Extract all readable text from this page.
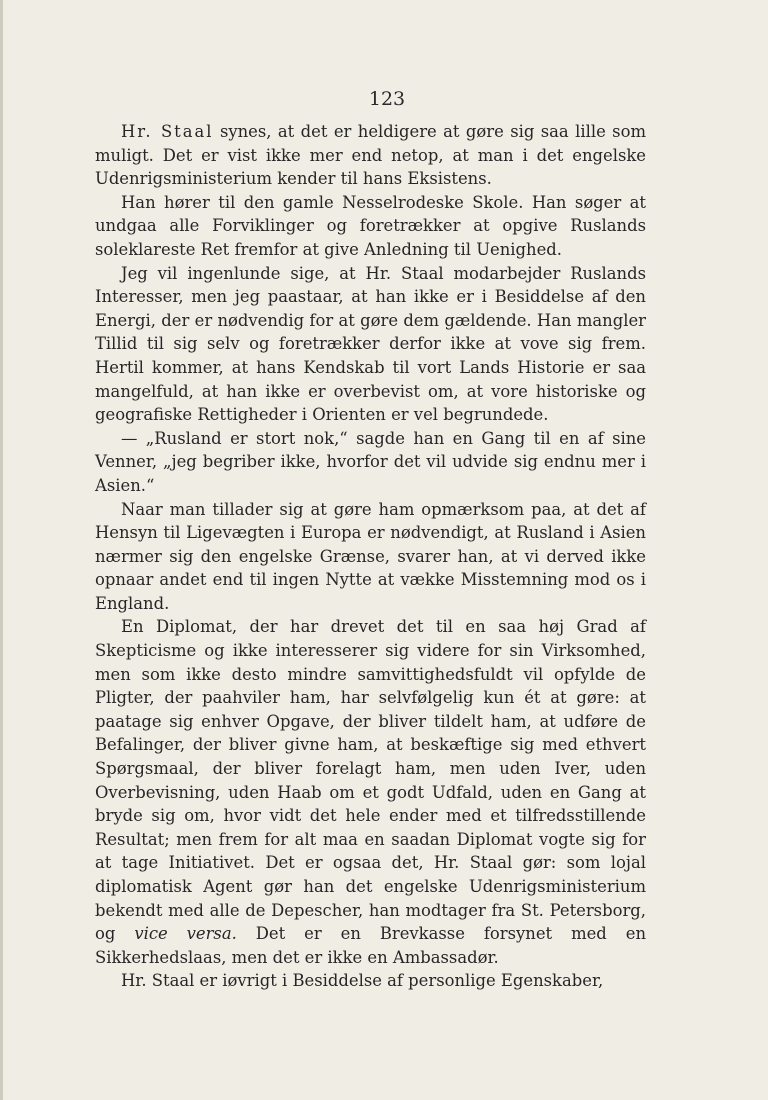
123

Hr. Staal synes, at det er heldigere at gøre sig saa lille som muligt. Det er vist ikke mer end netop, at man i det engelske Udenrigsministerium kender til hans Eksistens.

Han hører til den gamle Nesselrodeske Skole. Han søger at undgaa alle Forviklinger og foretrækker at opgive Ruslands soleklareste Ret fremfor at give Anledning til Uenighed.

Jeg vil ingenlunde sige, at Hr. Staal modarbejder Ruslands Interesser, men jeg paastaar, at han ikke er i Besiddelse af den Energi, der er nødvendig for at gøre dem gældende. Han mangler Tillid til sig selv og foretrækker derfor ikke at vove sig frem. Hertil kommer, at hans Kendskab til vort Lands Historie er saa mangelfuld, at han ikke er overbevist om, at vore historiske og geografiske Rettigheder i Orienten er vel begrundede.

— „Rusland er stort nok,“ sagde han en Gang til en af sine Venner, „jeg begriber ikke, hvorfor det vil udvide sig endnu mer i Asien.“

Naar man tillader sig at gøre ham opmærksom paa, at det af Hensyn til Ligevægten i Europa er nødvendigt, at Rusland i Asien nærmer sig den engelske Grænse, svarer han, at vi derved ikke opnaar andet end til ingen Nytte at vække Misstemning mod os i England.

En Diplomat, der har drevet det til en saa høj Grad af Skepticisme og ikke interesserer sig videre for sin Virksomhed, men som ikke desto mindre samvittighedsfuldt vil opfylde de Pligter, der paahviler ham, har selvfølgelig kun ét at gøre: at paatage sig enhver Opgave, der bliver tildelt ham, at udføre de Befalinger, der bliver givne ham, at beskæftige sig med ethvert Spørgsmaal, der bliver forelagt ham, men uden Iver, uden Overbevisning, uden Haab om et godt Udfald, uden en Gang at bryde sig om, hvor vidt det hele ender med et tilfredsstillende Resultat; men frem for alt maa en saadan Diplomat vogte sig for at tage Initiativet. Det er ogsaa det, Hr. Staal gør: som lojal diplomatisk Agent gør han det engelske Udenrigsministerium bekendt med alle de Depescher, han modtager fra St. Petersborg, og vice versa. Det er en Brevkasse forsynet med en Sikkerhedslaas, men det er ikke en Ambassadør.

Hr. Staal er iøvrigt i Besiddelse af personlige Egenskaber,
